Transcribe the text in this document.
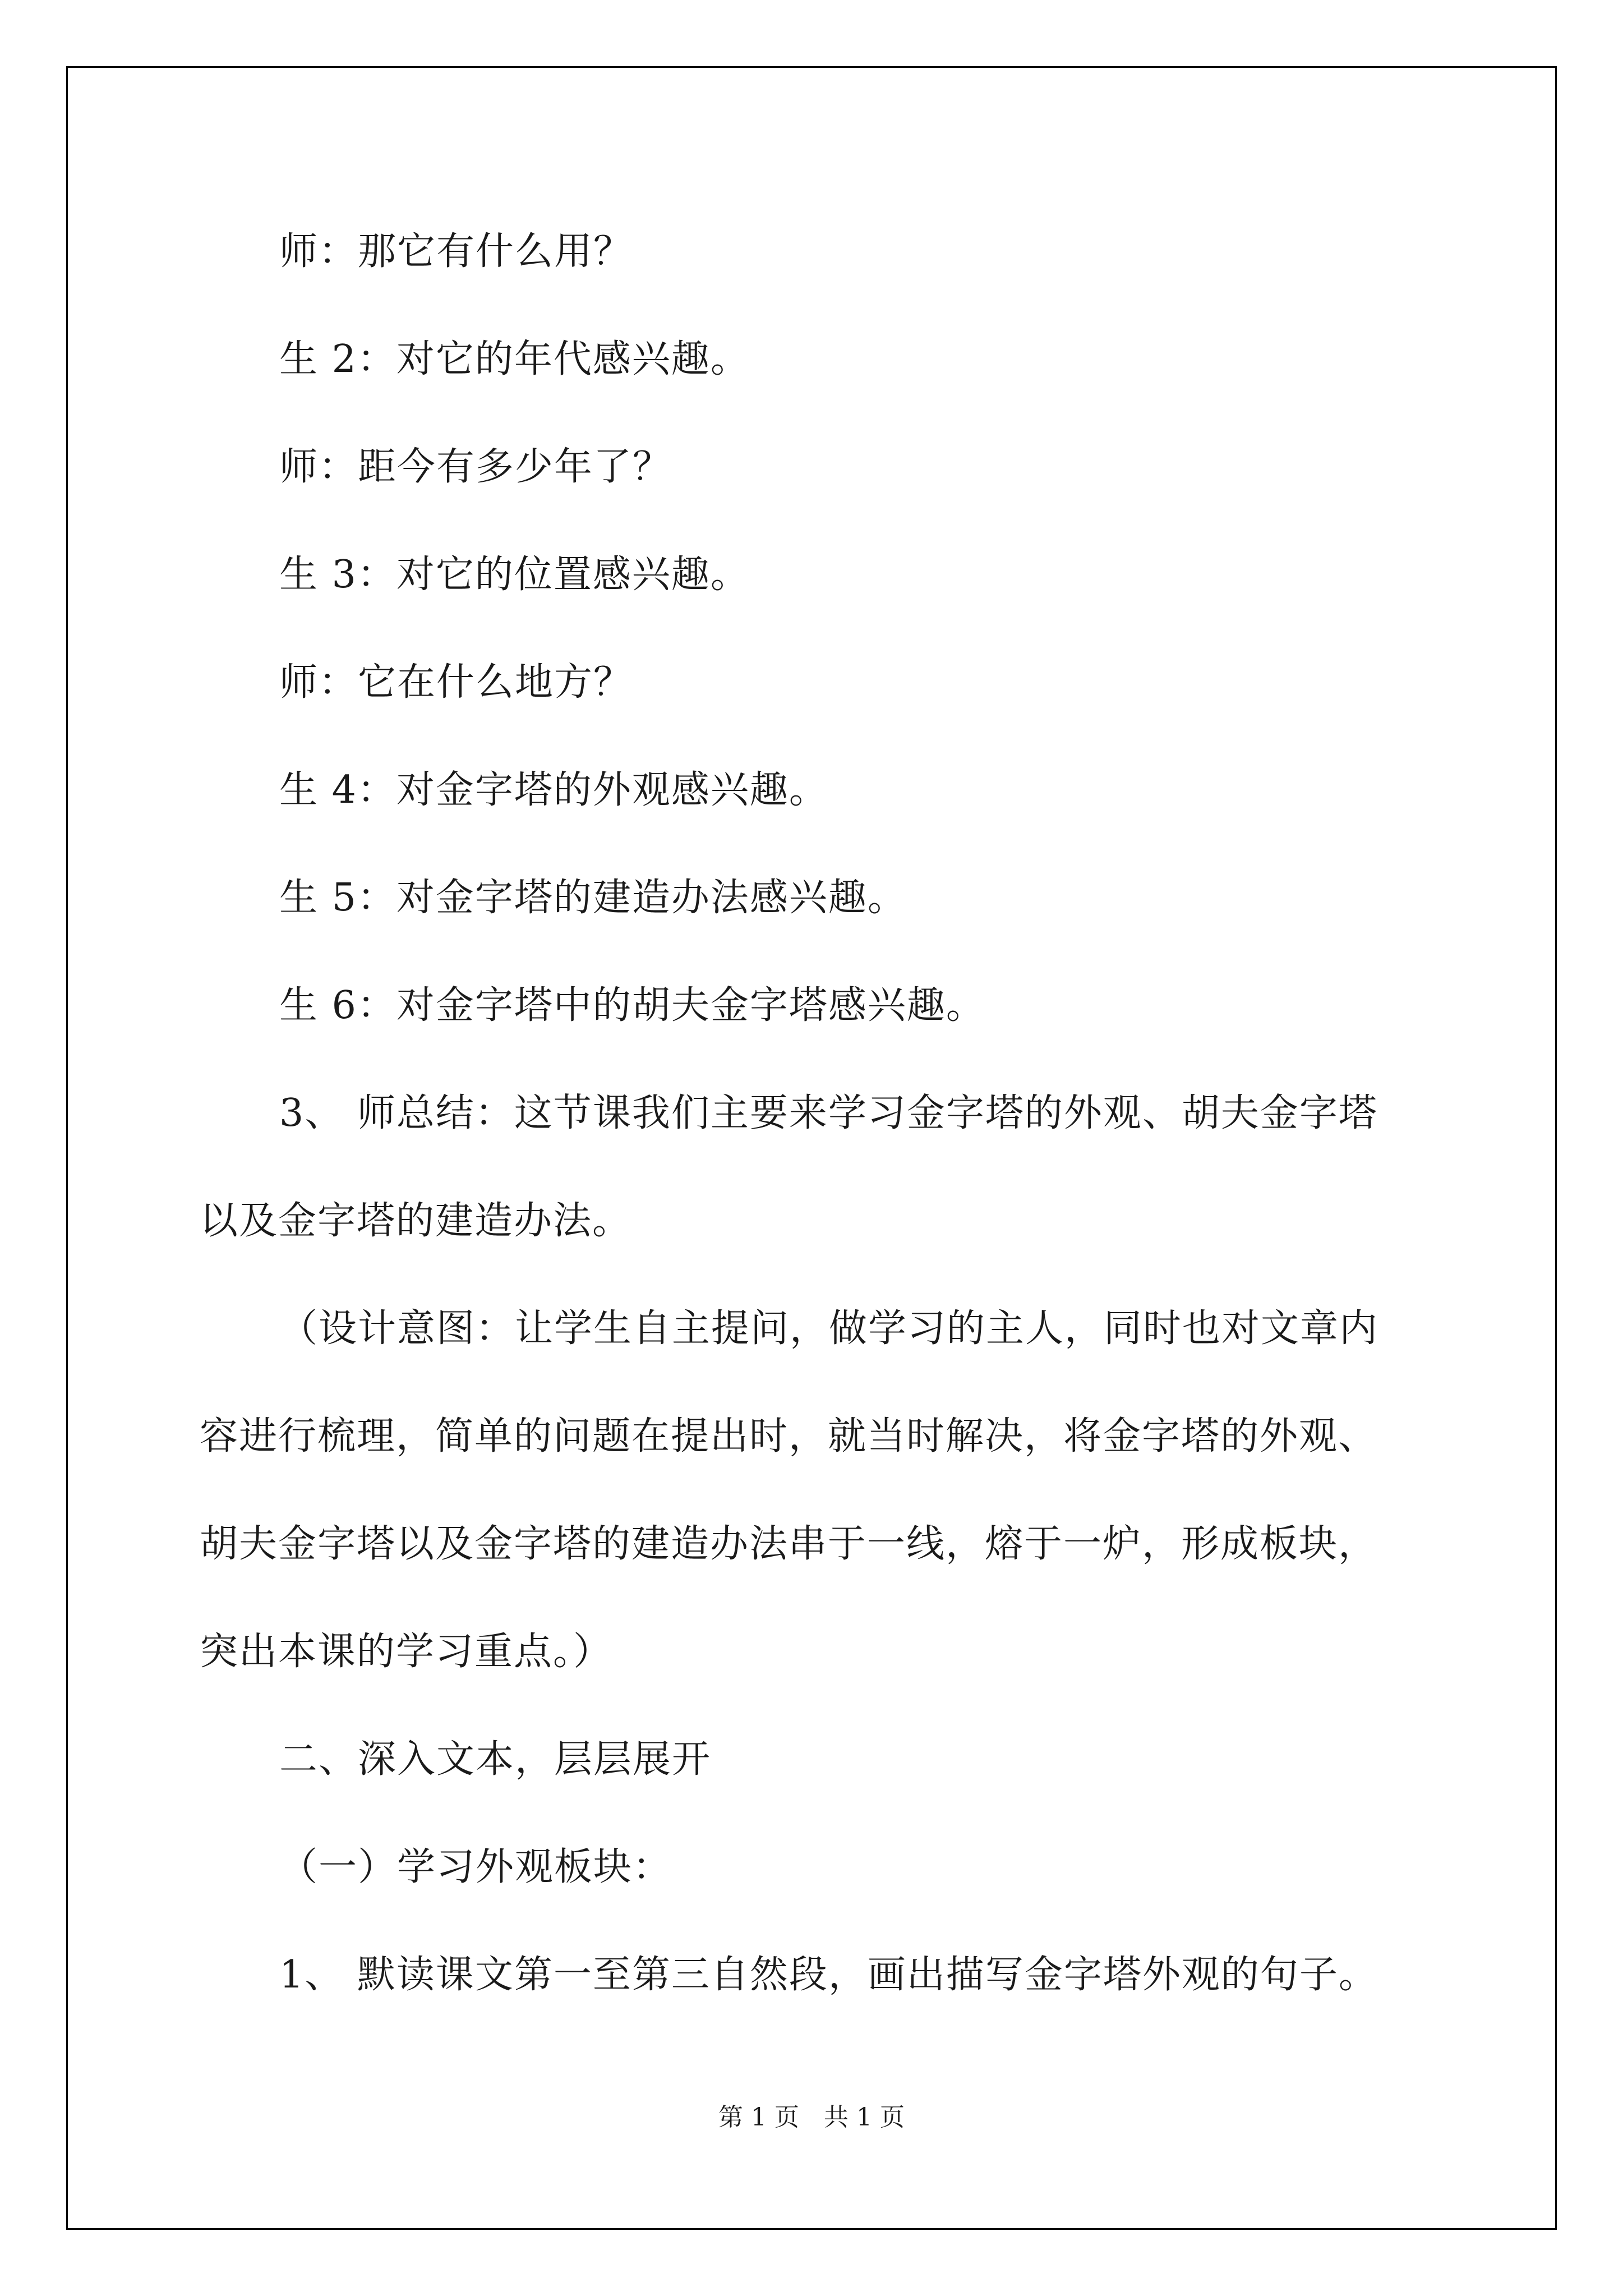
师：那它有什么用？
生 2：对它的年代感兴趣。
师：距今有多少年了？
生 3：对它的位置感兴趣。
师：它在什么地方？
生 4：对金字塔的外观感兴趣。
生 5：对金字塔的建造办法感兴趣。
生 6：对金字塔中的胡夫金字塔感兴趣。
3、 师总结：这节课我们主要来学习金字塔的外观、胡夫金字塔
以及金字塔的建造办法。
（设计意图：让学生自主提问，做学习的主人，同时也对文章内
容进行梳理，简单的问题在提出时，就当时解决，将金字塔的外观、
胡夫金字塔以及金字塔的建造办法串于一线，熔于一炉，形成板块，
突出本课的学习重点。）
二、深入文本，层层展开
（一）学习外观板块：
1、 默读课文第一至第三自然段，画出描写金字塔外观的句子。
第 1 页　共 1 页
